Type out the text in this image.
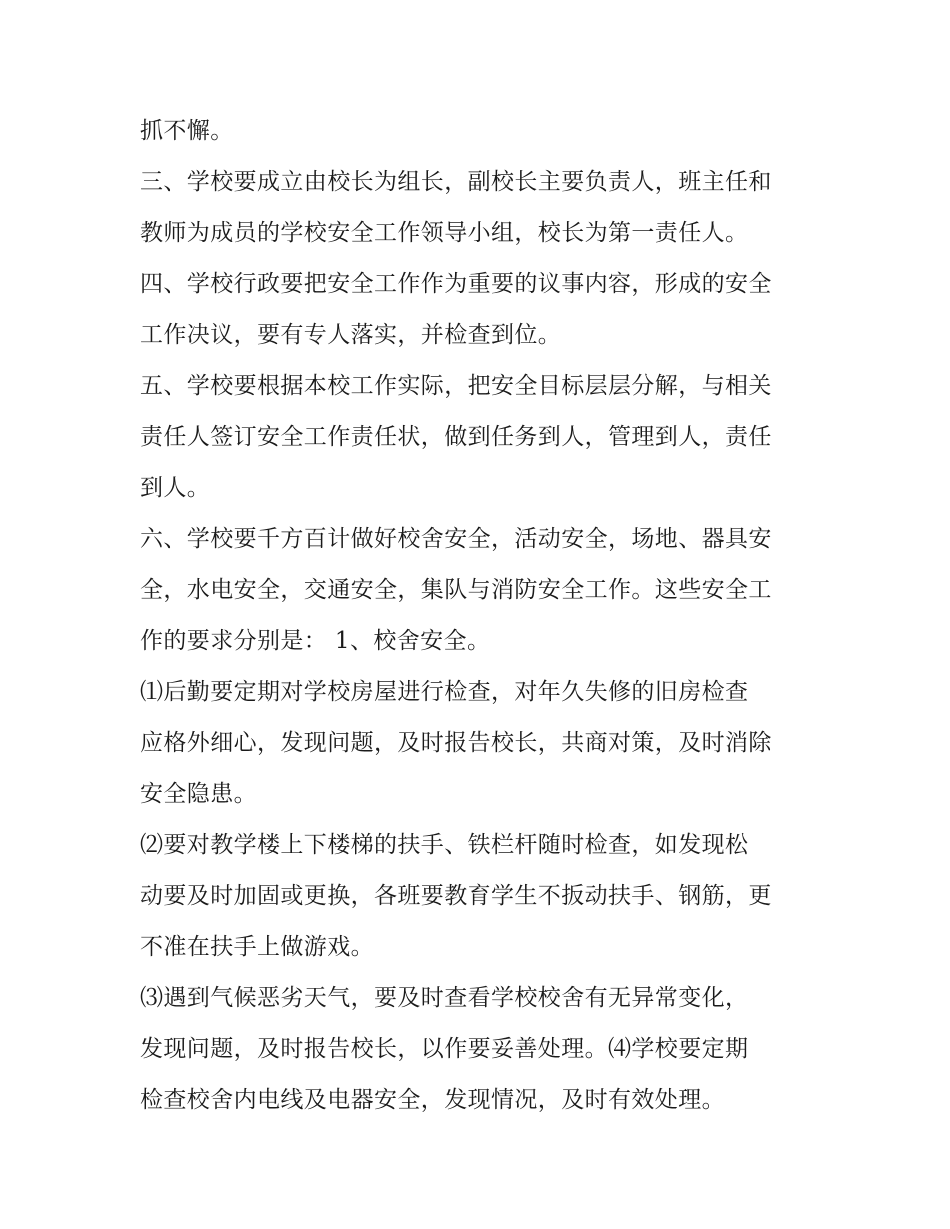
抓不懈。
三、学校要成立由校长为组长，副校长主要负责人，班主任和
教师为成员的学校安全工作领导小组，校长为第一责任人。
四、学校行政要把安全工作作为重要的议事内容，形成的安全
工作决议，要有专人落实，并检查到位。
五、学校要根据本校工作实际，把安全目标层层分解，与相关
责任人签订安全工作责任状，做到任务到人，管理到人，责任
到人。
六、学校要千方百计做好校舍安全，活动安全，场地、器具安
全，水电安全，交通安全，集队与消防安全工作。这些安全工
作的要求分别是： 1、校舍安全。
⑴后勤要定期对学校房屋进行检查，对年久失修的旧房检查
应格外细心，发现问题，及时报告校长，共商对策，及时消除
安全隐患。
⑵要对教学楼上下楼梯的扶手、铁栏杆随时检查，如发现松
动要及时加固或更换，各班要教育学生不扳动扶手、钢筋，更
不准在扶手上做游戏。
⑶遇到气候恶劣天气，要及时查看学校校舍有无异常变化，
发现问题，及时报告校长，以作要妥善处理。⑷学校要定期
检查校舍内电线及电器安全，发现情况，及时有效处理。
